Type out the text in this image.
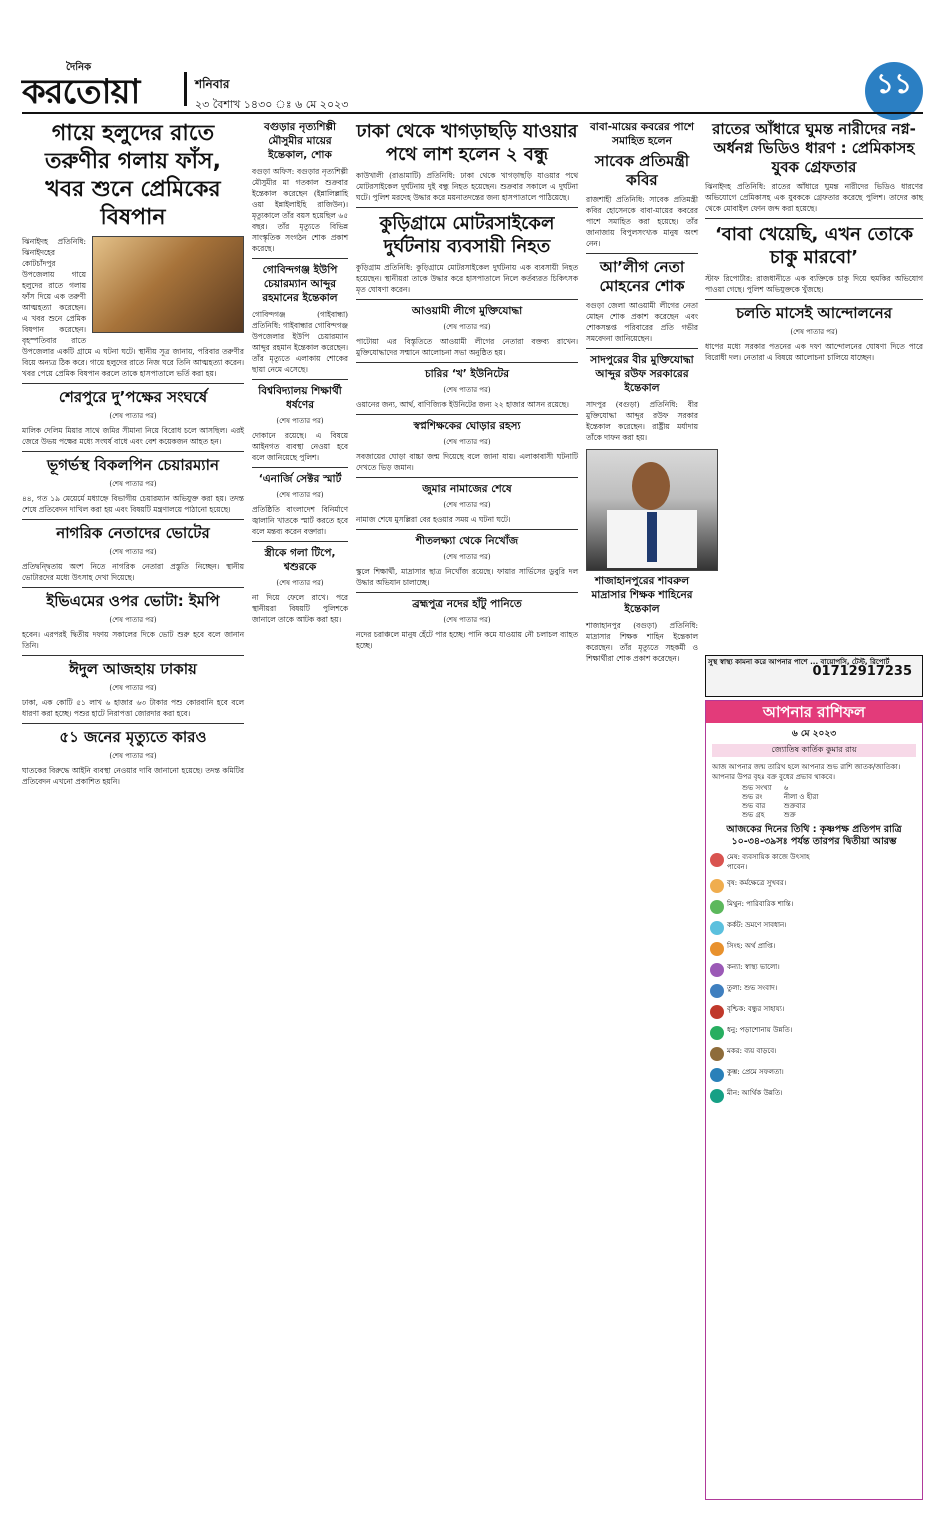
দৈনিক
করতোয়া	শনিবার
২৩ বৈশাখ ১৪৩০ ঃ ৬ মে ২০২৩
১১
গায়ে হলুদের রাতে তরুণীর গলায় ফাঁস, খবর শুনে প্রেমিকের বিষপান

ঝিনাইদহ প্রতিনিধি: ঝিনাইদহের কোটচাঁদপুর উপজেলায় গায়ে হলুদের রাতে গলায় ফাঁস দিয়ে এক তরুণী আত্মহত্যা করেছেন। এ খবর শুনে প্রেমিক বিষপান করেছেন। বৃহস্পতিবার রাতে উপজেলার একটি গ্রামে এ ঘটনা ঘটে। স্থানীয় সূত্র জানায়, পরিবার তরুণীর বিয়ে অন্যত্র ঠিক করে। গায়ে হলুদের রাতে নিজ ঘরে তিনি আত্মহত্যা করেন। খবর পেয়ে প্রেমিক বিষপান করলে তাকে হাসপাতালে ভর্তি করা হয়।

শেরপুরে দু’পক্ষের সংঘর্ষে
(শেষ পাতার পর)

মালিক দেলিম মিয়ার সাথে জমির সীমানা নিয়ে বিরোধ চলে আসছিল। এরই জেরে উভয় পক্ষের মধ্যে সংঘর্ষ বাধে এবং বেশ কয়েকজন আহত হন।

ভূগর্ভস্থ বিকলপিন চেয়ারম্যান
(শেষ পাতার পর)

৪৪, গত ১৯ মেয়ের্মে মধ্যাহ্নে বিভাগীয় চেয়ারম্যান অভিযুক্ত করা হয়। তদন্ত শেষে প্রতিবেদন দাখিল করা হয় এবং বিষয়টি মন্ত্রণালয়ে পাঠানো হয়েছে।

নাগরিক নেতাদের ভোটের
(শেষ পাতার পর)

প্রতিদ্বন্দ্বিতায় অংশ নিতে নাগরিক নেতারা প্রস্তুতি নিচ্ছেন। স্থানীয় ভোটারদের মধ্যে উৎসাহ দেখা দিয়েছে।

ইভিএমের ওপর ভোটা: ইমপি
(শেষ পাতার পর)

হবেন। এরপরই দ্বিতীয় দফায় সকালের দিকে ভোট শুরু হবে বলে জানান তিনি।

ঈদুল আজহায় ঢাকায়
(শেষ পাতার পর)

ঢাকা, এক কোটি ৫১ লাখ ৬ হাজার ৬৩ টাকার পশু কোরবানি হবে বলে ধারণা করা হচ্ছে। পশুর হাটে নিরাপত্তা জোরদার করা হবে।

৫১ জনের মৃত্যুতে কারও
(শেষ পাতার পর)

ঘাতকের বিরুদ্ধে আইনি ব্যবস্থা নেওয়ার দাবি জানানো হয়েছে। তদন্ত কমিটির প্রতিবেদন এখনো প্রকাশিত হয়নি।

বগুড়ার নৃত্যশিল্পী মৌসুমীর মায়ের ইন্তেকাল, শোক

বগুড়া অফিস: বগুড়ার নৃত্যশিল্পী মৌসুমীর মা গতকাল শুক্রবার ইন্তেকাল করেছেন (ইন্নালিল্লাহি ওয়া ইন্নাইলাইহি রাজিউন)। মৃত্যুকালে তাঁর বয়স হয়েছিল ৬৫ বছর। তাঁর মৃত্যুতে বিভিন্ন সাংস্কৃতিক সংগঠন শোক প্রকাশ করেছে।

গোবিন্দগঞ্জ ইউপি চেয়ারম্যান আব্দুর রহমানের ইন্তেকাল

গোবিন্দগঞ্জ (গাইবান্ধা) প্রতিনিধি: গাইবান্ধার গোবিন্দগঞ্জ উপজেলার ইউপি চেয়ারম্যান আব্দুর রহমান ইন্তেকাল করেছেন। তাঁর মৃত্যুতে এলাকায় শোকের ছায়া নেমে এসেছে।

বিশ্ববিদ্যালয় শিক্ষার্থী ধর্ষণের
(শেষ পাতার পর)

দোকানে রয়েছে। এ বিষয়ে আইনগত ব্যবস্থা নেওয়া হবে বলে জানিয়েছে পুলিশ।

‘এনার্জি সেক্টর স্মার্ট
(শেষ পাতার পর)

প্রতিষ্ঠিতি বাংলাদেশ বিনির্মাণে জ্বালানি খাতকে স্মার্ট করতে হবে বলে মন্তব্য করেন বক্তারা।

স্ত্রীকে গলা টিপে, শ্বশুরকে
(শেষ পাতার পর)

না দিয়ে ফেলে রাখে। পরে স্থানীয়রা বিষয়টি পুলিশকে জানালে তাকে আটক করা হয়।

ঢাকা থেকে খাগড়াছড়ি যাওয়ার পথে লাশ হলেন ২ বন্ধু

কাউখালী (রাঙামাটি) প্রতিনিধি: ঢাকা থেকে খাগড়াছড়ি যাওয়ার পথে মোটরসাইকেল দুর্ঘটনায় দুই বন্ধু নিহত হয়েছেন। শুক্রবার সকালে এ দুর্ঘটনা ঘটে। পুলিশ মরদেহ উদ্ধার করে ময়নাতদন্তের জন্য হাসপাতালে পাঠিয়েছে।

কুড়িগ্রামে মোটরসাইকেল দুর্ঘটনায় ব্যবসায়ী নিহত

কুড়িগ্রাম প্রতিনিধি: কুড়িগ্রামে মোটরসাইকেল দুর্ঘটনায় এক ব্যবসায়ী নিহত হয়েছেন। স্থানীয়রা তাকে উদ্ধার করে হাসপাতালে নিলে কর্তব্যরত চিকিৎসক মৃত ঘোষণা করেন।

আওয়ামী লীগে মুক্তিযোদ্ধা
(শেষ পাতার পর)

পাটোয়া এর বিস্তৃতিতে আওয়ামী লীগের নেতারা বক্তব্য রাখেন। মুক্তিযোদ্ধাদের সম্মানে আলোচনা সভা অনুষ্ঠিত হয়।

চারির ‘খ’ ইউনিটের
(শেষ পাতার পর)

ওয়ানের জন্য, আর্থ, বাণিজ্যিক ইউনিটের জন্য ২২ হাজার আসন রয়েছে।

স্বপ্নশিক্ষকের ঘোড়ার রহস্য
(শেষ পাতার পর)

সবজায়ের ঘোড়া বাচ্চা জন্ম দিয়েছে বলে জানা যায়। এলাকাবাসী ঘটনাটি দেখতে ভিড় জমান।

জুমার নামাজের শেষে
(শেষ পাতার পর)

নামাজ শেষে মুসল্লিরা বের হওয়ার সময় এ ঘটনা ঘটে।

শীতলক্ষ্যা থেকে নিখোঁজ
(শেষ পাতার পর)

স্কুলে শিক্ষার্থী, মাদ্রাসার ছাত্র নিখোঁজ রয়েছে। ফায়ার সার্ভিসের ডুবুরি দল উদ্ধার অভিযান চালাচ্ছে।

ব্রহ্মপুত্র নদের হাঁটু পানিতে
(শেষ পাতার পর)

নদের চরাঞ্চলে মানুষ হেঁটে পার হচ্ছে। পানি কমে যাওয়ায় নৌ চলাচল ব্যাহত হচ্ছে।

বাবা-মায়ের কবরের পাশে সমাহিত হলেন
সাবেক প্রতিমন্ত্রী কবির

রাজশাহী প্রতিনিধি: সাবেক প্রতিমন্ত্রী কবির হোসেনকে বাবা-মায়ের কবরের পাশে সমাহিত করা হয়েছে। তাঁর জানাজায় বিপুলসংখ্যক মানুষ অংশ নেন।

আ’লীগ নেতা মোহনের শোক

বগুড়া জেলা আওয়ামী লীগের নেতা মোহন শোক প্রকাশ করেছেন এবং শোকসন্তপ্ত পরিবারের প্রতি গভীর সমবেদনা জানিয়েছেন।

সাদপুরের বীর মুক্তিযোদ্ধা আব্দুর রউফ সরকারের ইন্তেকাল

সাদপুর (বগুড়া) প্রতিনিধি: বীর মুক্তিযোদ্ধা আব্দুর রউফ সরকার ইন্তেকাল করেছেন। রাষ্ট্রীয় মর্যাদায় তাঁকে দাফন করা হয়।

শাজাহানপুরের শাবরুল মাদ্রাসার শিক্ষক শাহিনের ইন্তেকাল

শাজাহানপুর (বগুড়া) প্রতিনিধি: মাদ্রাসার শিক্ষক শাহিন ইন্তেকাল করেছেন। তাঁর মৃত্যুতে সহকর্মী ও শিক্ষার্থীরা শোক প্রকাশ করেছেন।

রাতের আঁধারে ঘুমন্ত নারীদের নগ্ন-অর্ধনগ্ন ভিডিও ধারণ : প্রেমিকাসহ যুবক গ্রেফতার

ঝিনাইদহ প্রতিনিধি: রাতের আঁধারে ঘুমন্ত নারীদের ভিডিও ধারণের অভিযোগে প্রেমিকাসহ এক যুবককে গ্রেফতার করেছে পুলিশ। তাদের কাছ থেকে মোবাইল ফোন জব্দ করা হয়েছে।

‘বাবা খেয়েছি, এখন তোকে চাকু মারবো’

স্টাফ রিপোর্টার: রাজধানীতে এক ব্যক্তিকে চাকু দিয়ে হুমকির অভিযোগ পাওয়া গেছে। পুলিশ অভিযুক্তকে খুঁজছে।

চলতি মাসেই আন্দোলনের
(শেষ পাতার পর)

ধাপের মধ্যে সরকার পতনের এক দফা আন্দোলনের ঘোষণা দিতে পারে বিরোধী দল। নেতারা এ বিষয়ে আলোচনা চালিয়ে যাচ্ছেন।

সুস্থ স্বাস্থ্য কামনা করে আপনার পাশে ... বায়োপসি, টেস্ট, রিপোর্ট
01712917235
আপনার রাশিফল
৬ মে ২০২৩
জ্যোতিষ কার্তিক কুমার রায়
আজ আপনার জন্ম তারিখ হলে আপনার শুভ রাশি জাতক/জাতিকা। আপনার উপর বৃহঃ বক্র বুধের প্রভাব থাকবে।
শুভ সংখ্যা	৬
শুভ রং	নীলা ও হীরা
শুভ বার	শুক্রবার
শুভ গ্রহ	শুক্র
আজকের দিনের তিথি : কৃষ্ণপক্ষ প্রতিপদ রাত্রি ১০-৩৪-৩৯সঃ পর্যন্ত তারপর দ্বিতীয়া আরম্ভ
মেষ: ব্যবসায়িক কাজে উৎসাহ পাবেন।
বৃষ: কর্মক্ষেত্রে সুখবর।
মিথুন: পারিবারিক শান্তি।
কর্কট: ভ্রমণে সাবধান।
সিংহ: অর্থ প্রাপ্তি।
কন্যা: স্বাস্থ্য ভালো।
তুলা: শুভ সংবাদ।
বৃশ্চিক: বন্ধুর সাহায্য।
ধনু: পড়াশোনায় উন্নতি।
মকর: ব্যয় বাড়বে।
কুম্ভ: প্রেমে সফলতা।
মীন: আর্থিক উন্নতি।
